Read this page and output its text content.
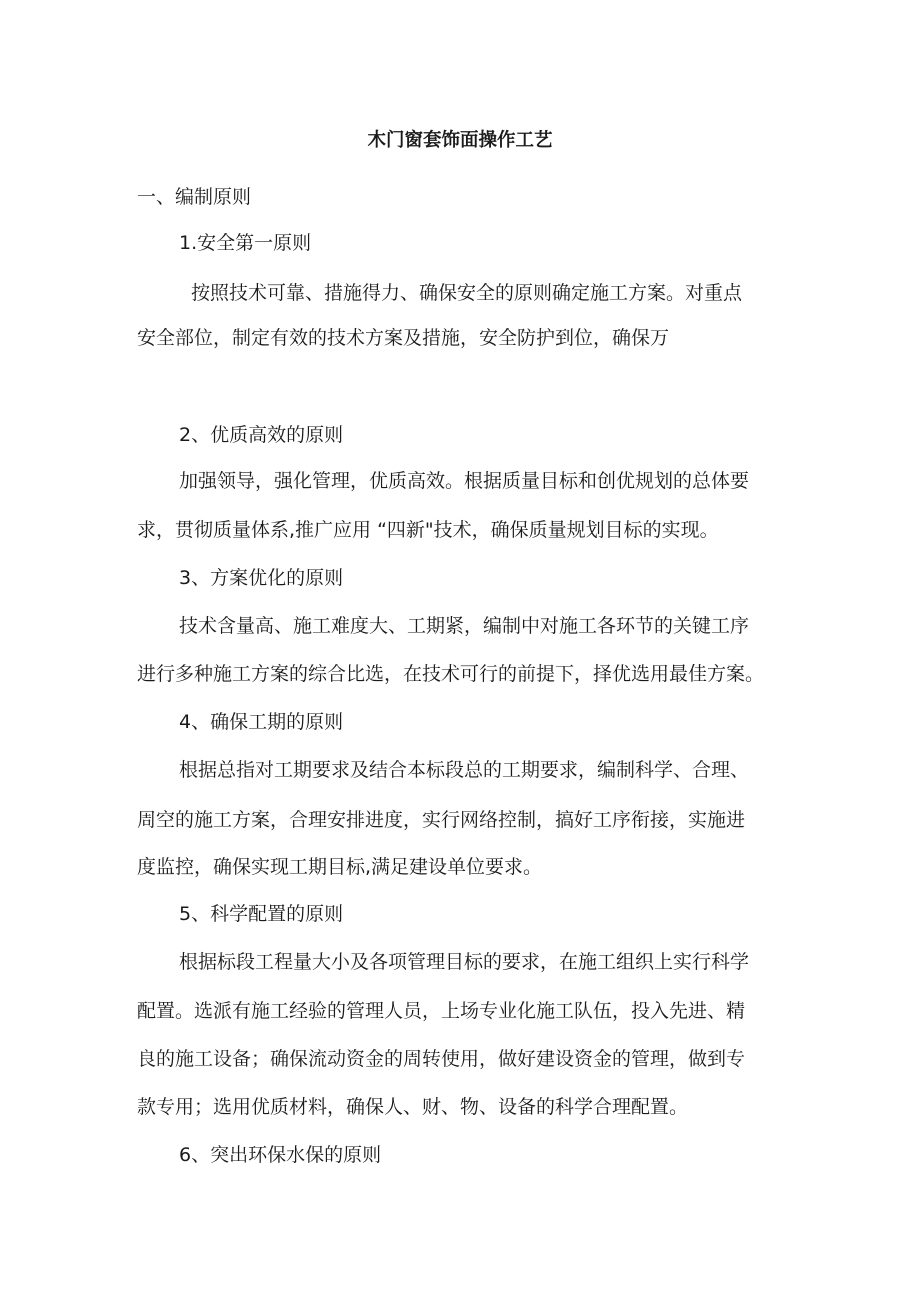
木门窗套饰面操作工艺
一、编制原则
1.安全第一原则

按照技术可靠、措施得力、确保安全的原则确定施工方案。对重点

安全部位，制定有效的技术方案及措施，安全防护到位，确保万

2、优质高效的原则

加强领导，强化管理，优质高效。根据质量目标和创优规划的总体要

求，贯彻质量体系,推广应用 “四新"技术，确保质量规划目标的实现。

3、方案优化的原则

技术含量高、施工难度大、工期紧，编制中对施工各环节的关键工序

进行多种施工方案的综合比选，在技术可行的前提下，择优选用最佳方案。

4、确保工期的原则

根据总指对工期要求及结合本标段总的工期要求，编制科学、合理、

周空的施工方案，合理安排进度，实行网络控制，搞好工序衔接，实施进

度监控，确保实现工期目标,满足建设单位要求。

5、科学配置的原则

根据标段工程量大小及各项管理目标的要求，在施工组织上实行科学

配置。选派有施工经验的管理人员，上场专业化施工队伍，投入先进、精

良的施工设备；确保流动资金的周转使用，做好建设资金的管理，做到专

款专用；选用优质材料，确保人、财、物、设备的科学合理配置。

6、突出环保水保的原则
